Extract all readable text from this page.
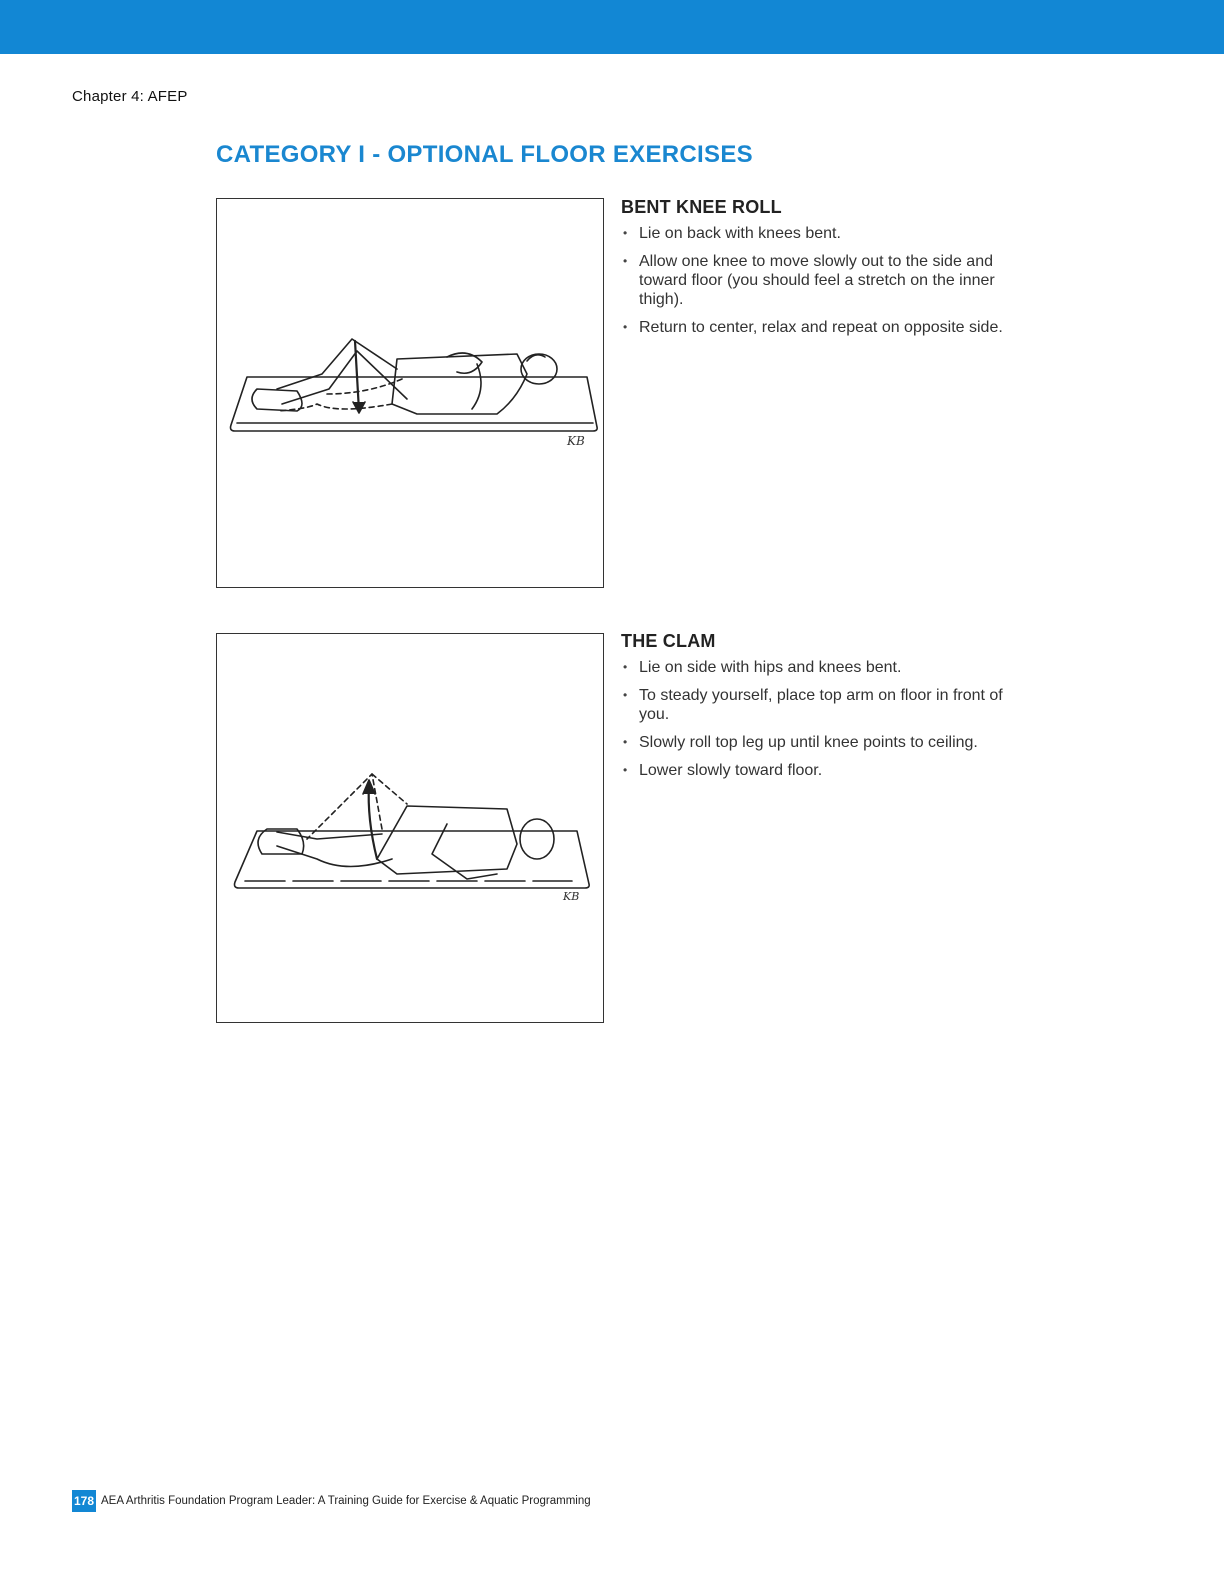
Chapter 4: AFEP
CATEGORY I - OPTIONAL FLOOR EXERCISES
KB
BENT KNEE ROLL
• Lie on back with knees bent.
• Allow one knee to move slowly out to the side and toward floor (you should feel a stretch on the inner thigh).
• Return to center, relax and repeat on opposite side.
KB
THE CLAM
• Lie on side with hips and knees bent.
• To steady yourself, place top arm on floor in front of you.
• Slowly roll top leg up until knee points to ceiling.
• Lower slowly toward floor.
178 AEA Arthritis Foundation Program Leader: A Training Guide for Exercise & Aquatic Programming
